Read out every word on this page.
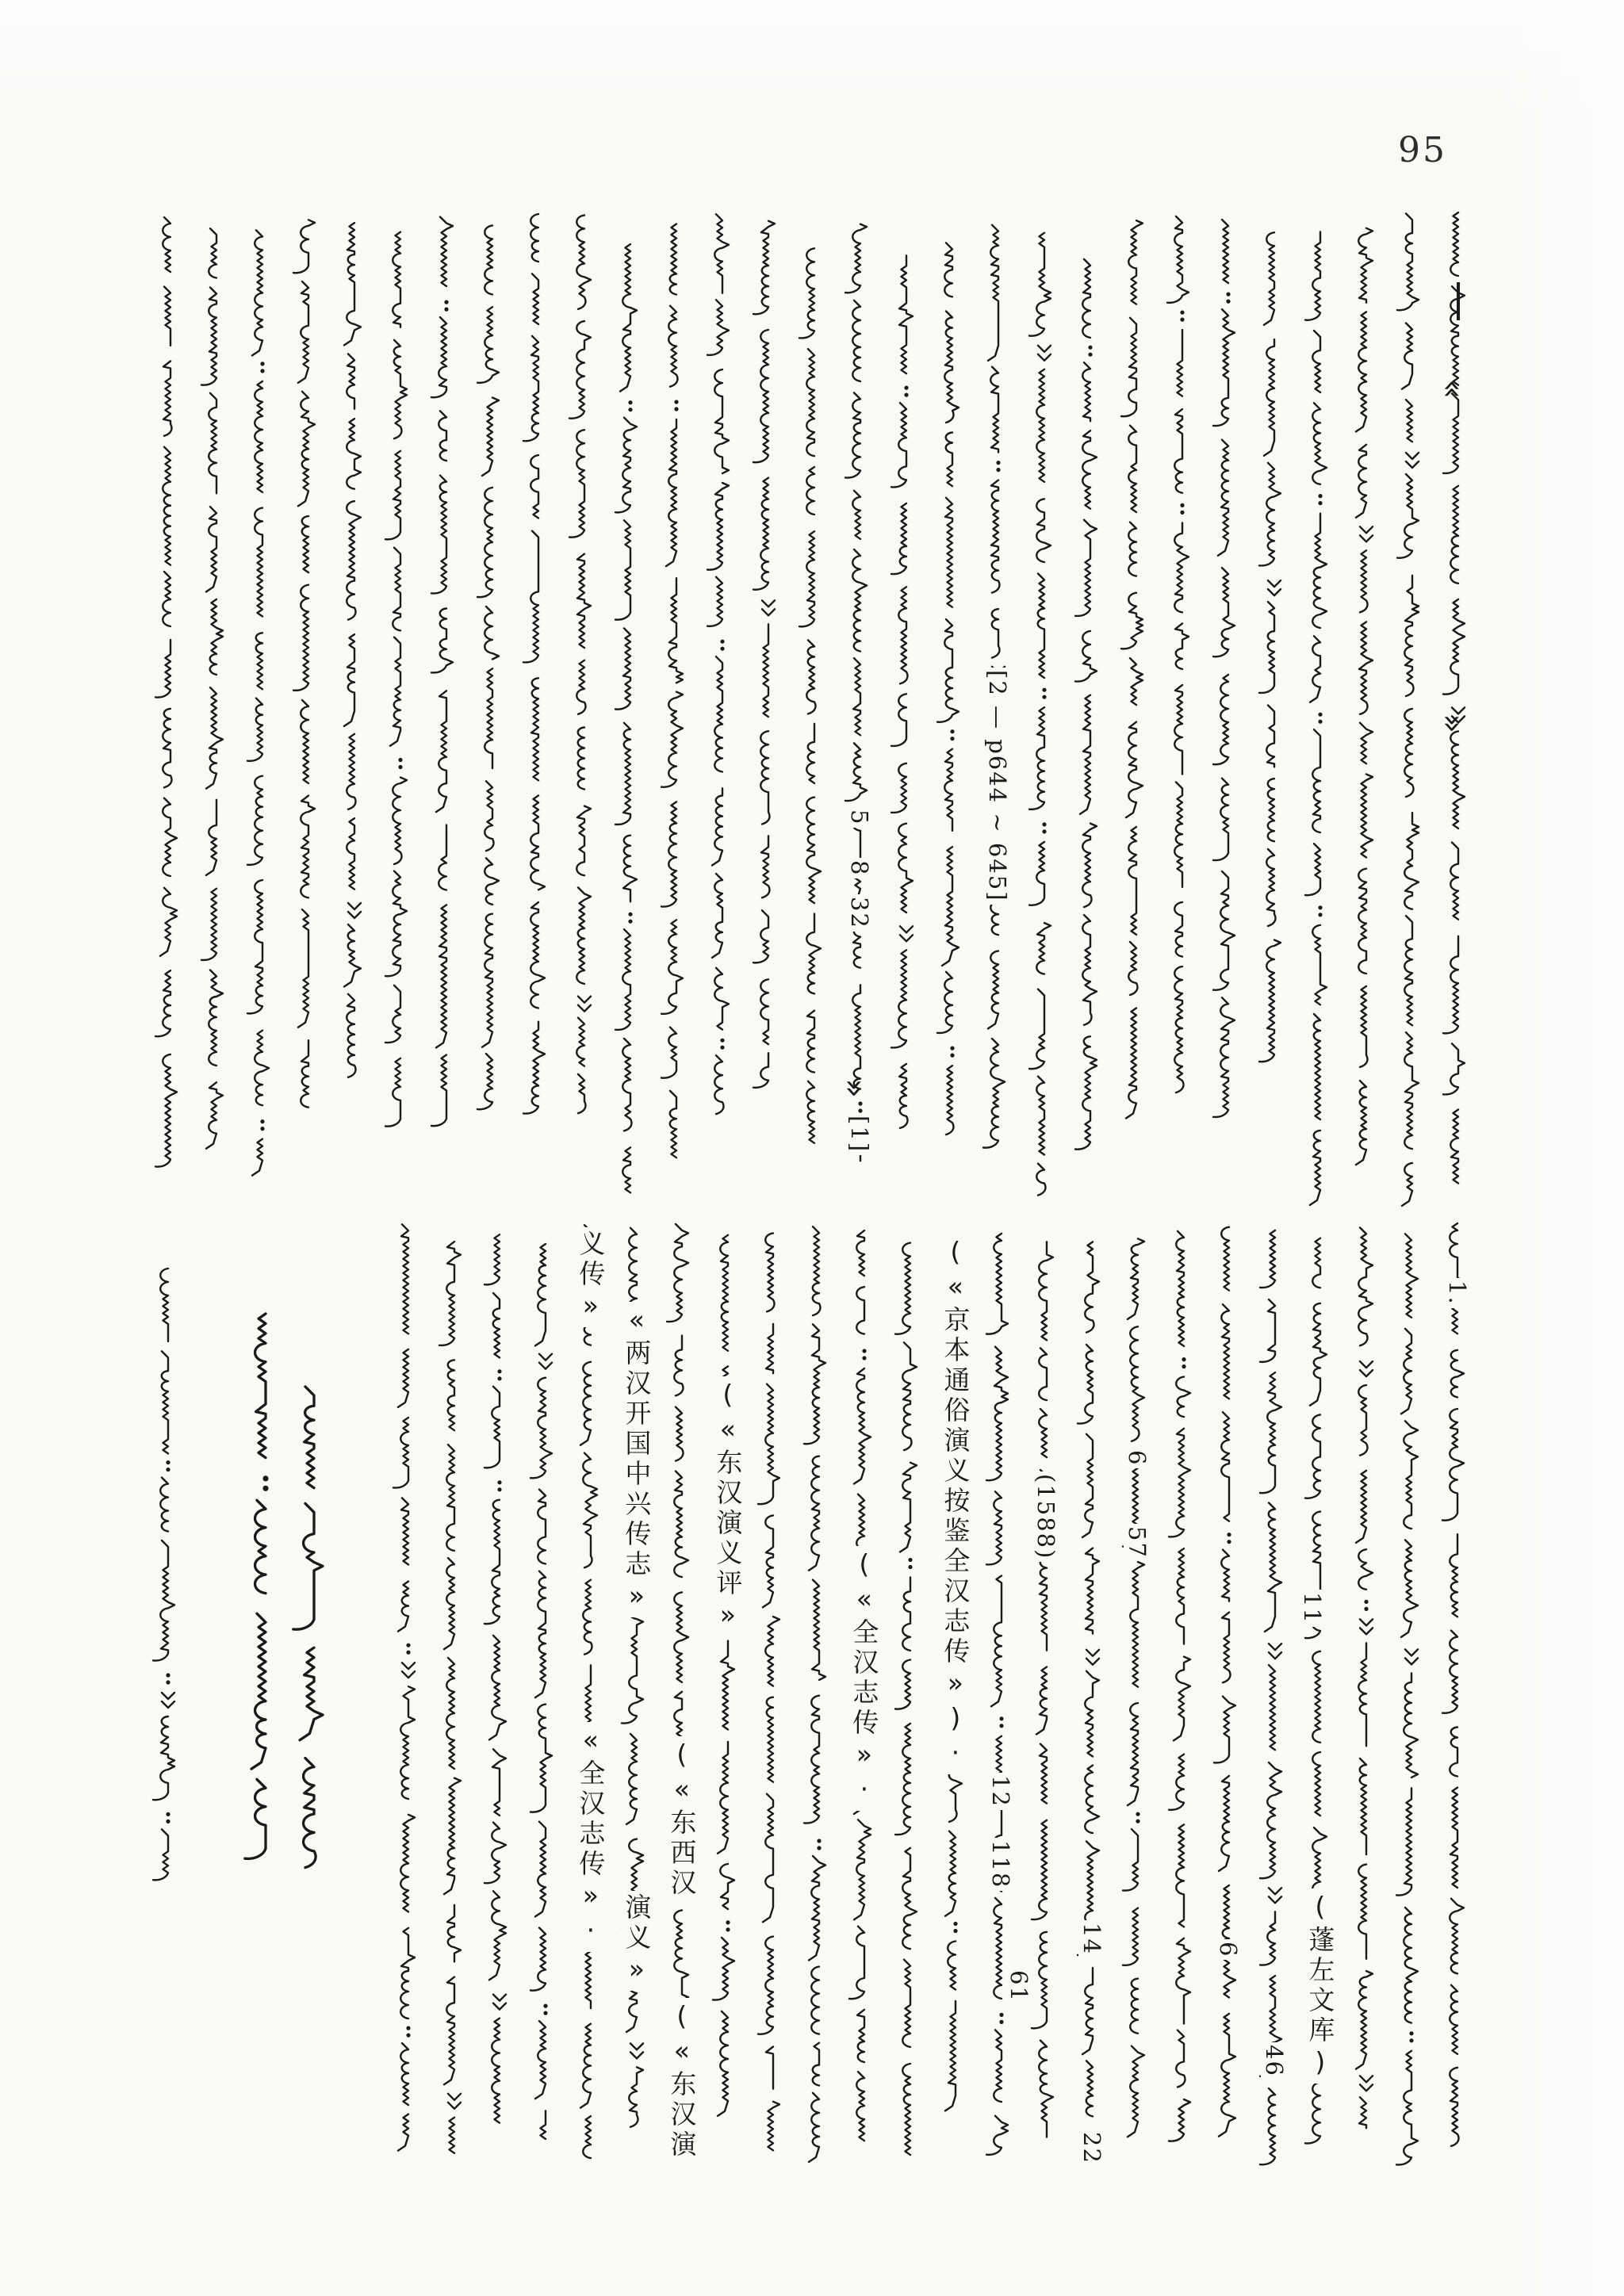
95
[2 — p644 ~ 645]
5
8
32
»
[1]
«
»
1.
(1588)
(«京本通俗演义按鉴全汉志传»)·
(«全汉志传»·
义传»
«两汉开国中兴传志» («东汉演义评»
«全汉志传»· («东西汉
演义»
(«东汉演	(蓬左文库)
12
118
6
57
11
46
14	6
61
22
